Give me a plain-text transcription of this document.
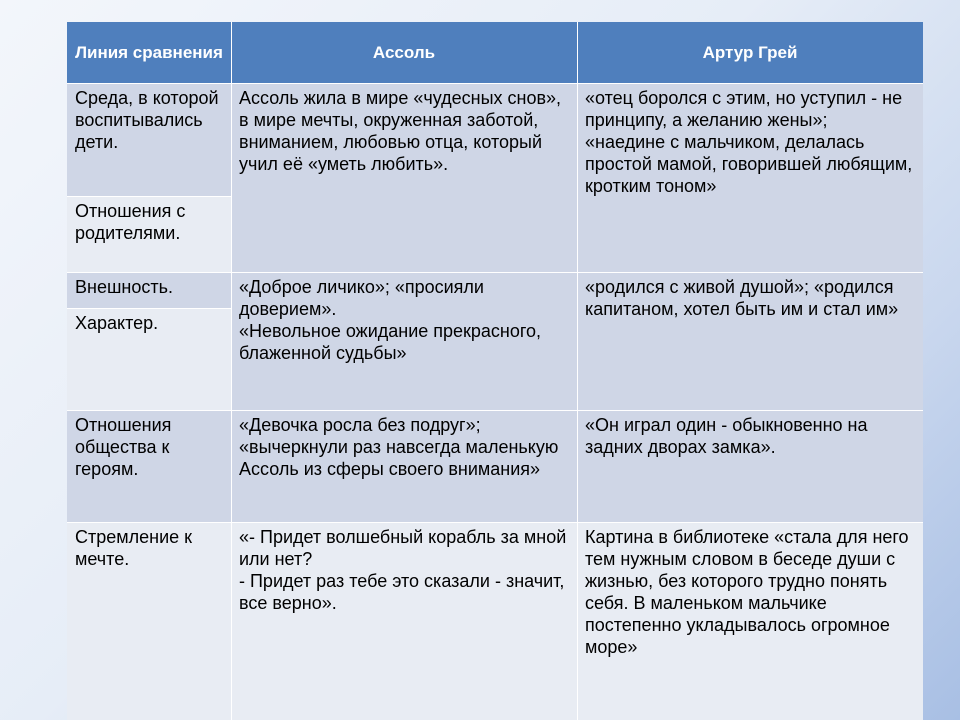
Линия сравнения	Ассоль	Артур Грей
Среда, в которой воспитывались дети.
Отношения с родителями.
Ассоль жила в мире «чудесных снов», в мире мечты, окруженная заботой, вниманием, любовью отца, который учил её «уметь любить».
«отец боролся с этим, но уступил - не принципу, а желанию жены»;
«наедине с мальчиком, делалась простой мамой, говорившей любящим, кротким тоном»
Внешность.
Характер.
«Доброе личико»; «просияли доверием».
«Невольное ожидание прекрасного, блаженной судьбы»
«родился с живой душой»; «родился капитаном, хотел быть им и стал им»
Отношения общества к героям.
«Девочка росла без подруг»; «вычеркнули раз навсегда маленькую Ассоль из сферы своего внимания»
«Он играл один - обыкновенно на задних дворах замка».
Стремление к мечте.
«- Придет волшебный корабль за мной или нет?
- Придет раз тебе это сказали - значит, все верно».
Картина в библиотеке «стала для него тем нужным словом в беседе души с жизнью, без которого трудно понять себя. В маленьком мальчике постепенно укладывалось огромное море»
